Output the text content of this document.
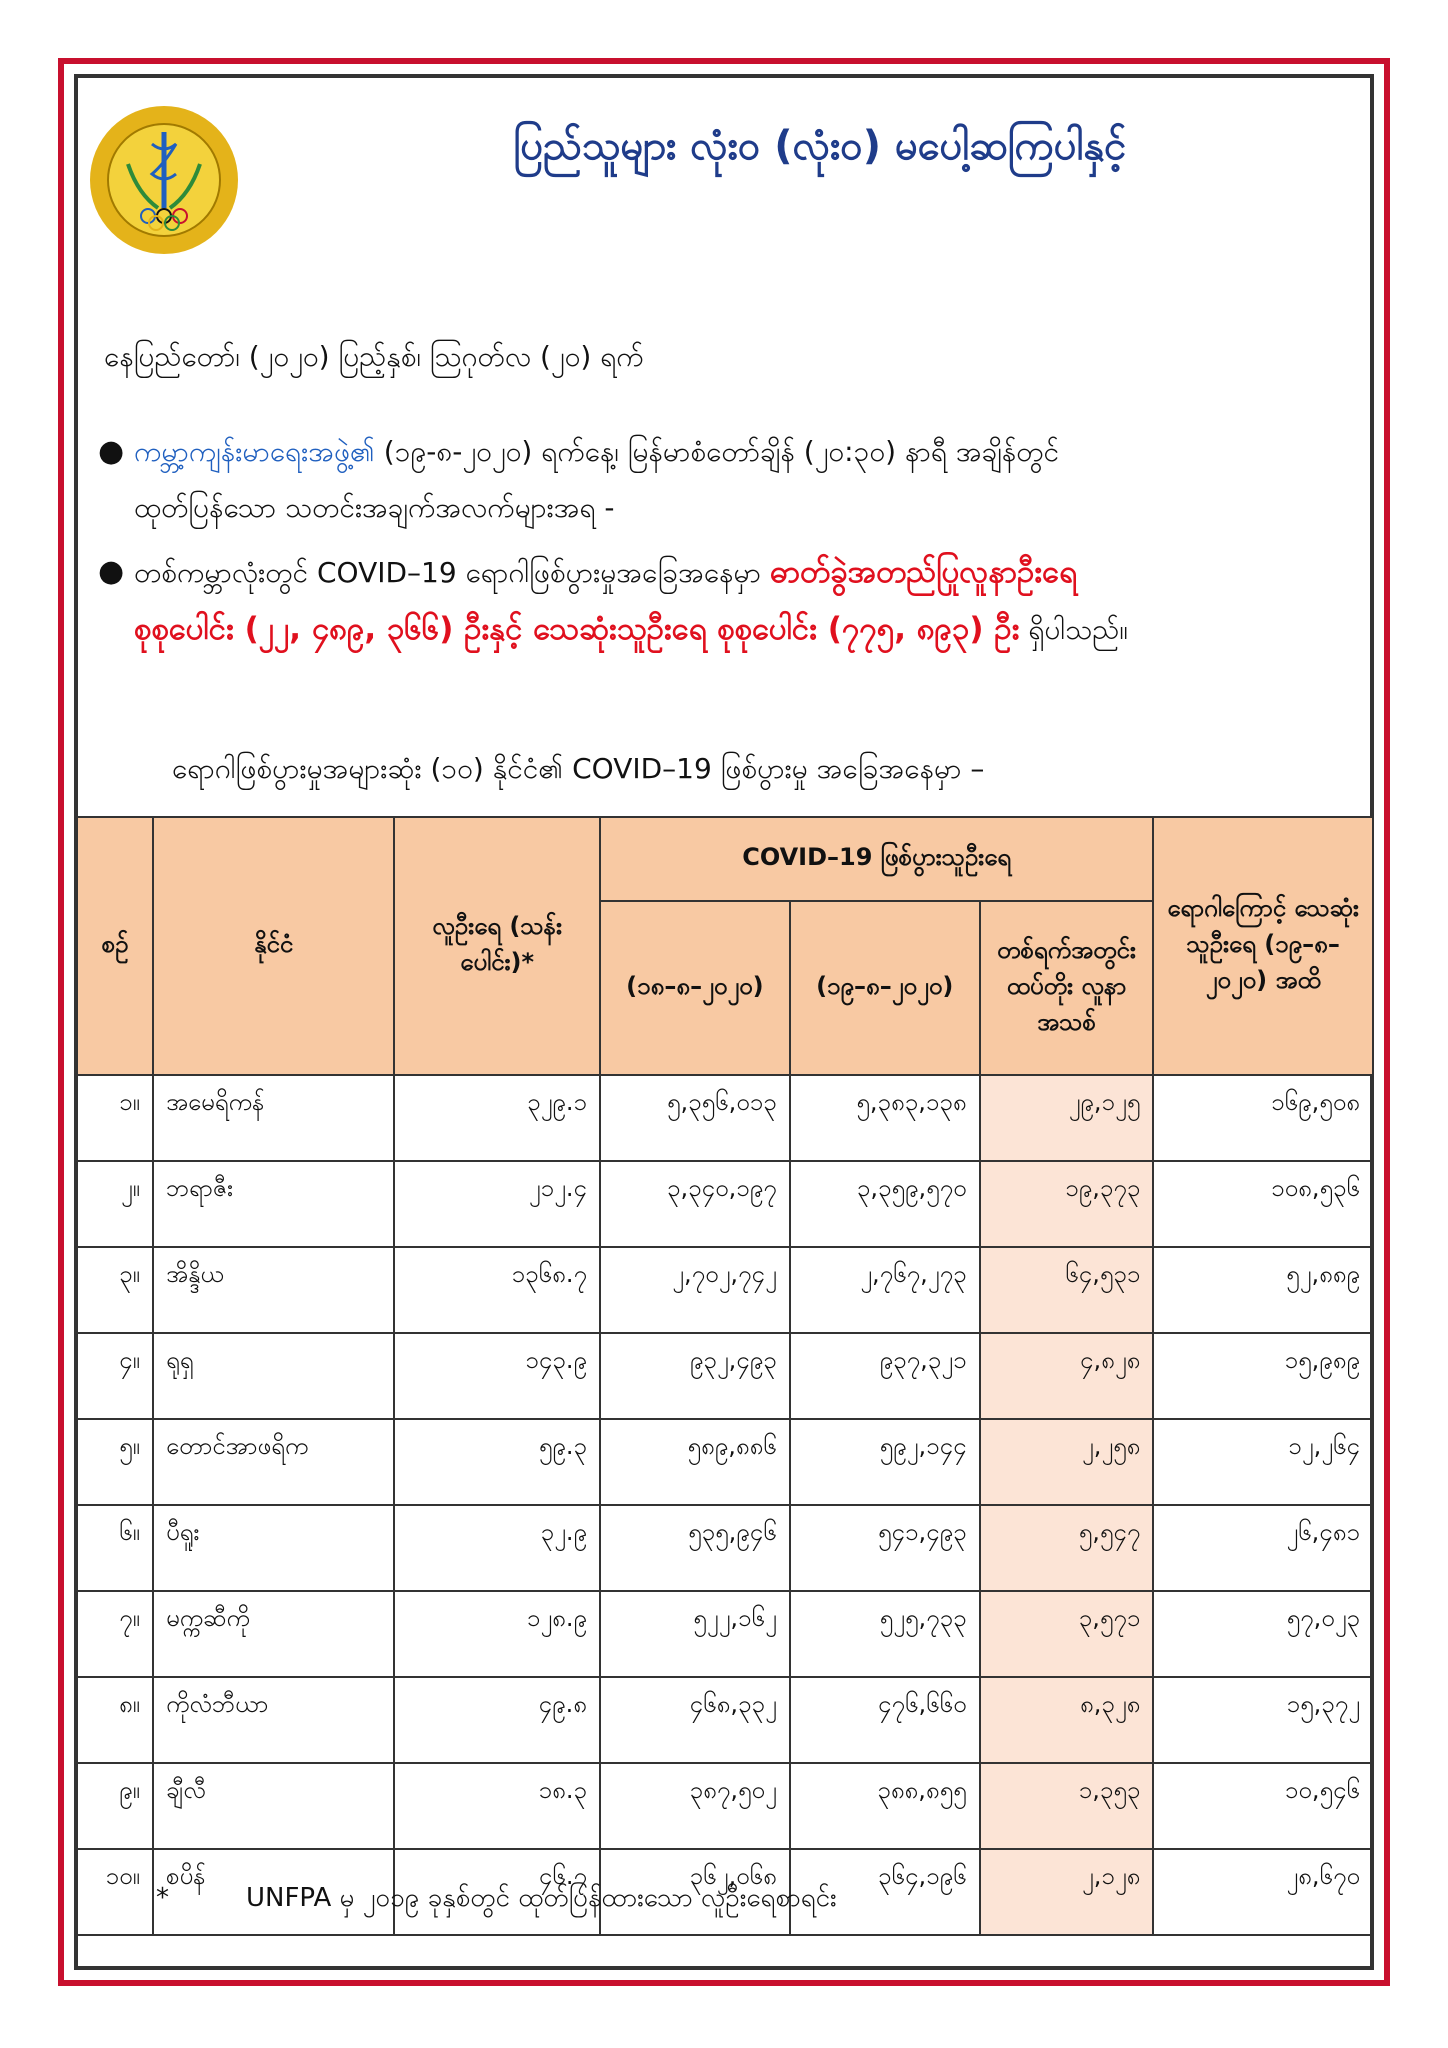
ပြည်သူများ လုံး၀ (လုံး၀) မပေါ့ဆကြပါနှင့်
နေပြည်တော်၊ (၂၀၂၀) ပြည့်နှစ်၊ သြဂုတ်လ (၂၀) ရက်
● ကမ္ဘာ့ကျန်းမာရေးအဖွဲ့၏ (၁၉-၈-၂၀၂၀) ရက်နေ့၊ မြန်မာစံတော်ချိန် (၂၀:၃၀) နာရီ အချိန်တွင်
ထုတ်ပြန်သော သတင်းအချက်အလက်များအရ -
● တစ်ကမ္ဘာလုံးတွင် COVID–19 ရောဂါဖြစ်ပွားမှုအခြေအနေမှာ ဓာတ်ခွဲအတည်ပြုလူနာဦးရေ
စုစုပေါင်း (၂၂, ၄၈၉, ၃၆၆) ဦးနှင့် သေဆုံးသူဦးရေ စုစုပေါင်း (၇၇၅, ၈၉၃) ဦး ရှိပါသည်။
ရောဂါဖြစ်ပွားမှုအများဆုံး (၁၀) နိုင်ငံ၏ COVID–19 ဖြစ်ပွားမှု အခြေအနေမှာ –
စဉ်	နိုင်ငံ	လူဦးရေ (သန်းပေါင်း)*	COVID–19 ဖြစ်ပွားသူဦးရေ			ရောဂါကြောင့် သေဆုံးသူဦးရေ (၁၉–၈– ၂၀၂၀) အထိ
			(၁၈–၈–၂၀၂၀)	(၁၉–၈–၂၀၂၀)	တစ်ရက်အတွင်း ထပ်တိုး လူနာ အသစ်	
၁။	အမေရိကန်	၃၂၉.၁	၅,၃၅၆,၀၁၃	၅,၃၈၃,၁၃၈	၂၉,၁၂၅	၁၆၉,၅၀၈
၂။	ဘရာဇီး	၂၁၂.၄	၃,၃၄၀,၁၉၇	၃,၃၅၉,၅၇၀	၁၉,၃၇၃	၁၀၈,၅၃၆
၃။	အိန္ဒိယ	၁၃၆၈.၇	၂,၇၀၂,၇၄၂	၂,၇၆၇,၂၇၃	၆၄,၅၃၁	၅၂,၈၈၉
၄။	ရုရှ	၁၄၃.၉	၉၃၂,၄၉၃	၉၃၇,၃၂၁	၄,၈၂၈	၁၅,၉၈၉
၅။	တောင်အာဖရိက	၅၉.၃	၅၈၉,၈၈၆	၅၉၂,၁၄၄	၂,၂၅၈	၁၂,၂၆၄
၆။	ပီရူး	၃၂.၉	၅၃၅,၉၄၆	၅၄၁,၄၉၃	၅,၅၄၇	၂၆,၄၈၁
၇။	မက္ကဆီကို	၁၂၈.၉	၅၂၂,၁၆၂	၅၂၅,၇၃၃	၃,၅၇၁	၅၇,၀၂၃
၈။	ကိုလံဘီယာ	၄၉.၈	၄၆၈,၃၃၂	၄၇၆,၆၆၀	၈,၃၂၈	၁၅,၃၇၂
၉။	ချီလီ	၁၈.၃	၃၈၇,၅၀၂	၃၈၈,၈၅၅	၁,၃၅၃	၁၀,၅၄၆
၁၀။	စပိန်	၄၆.၇	၃၆၂,၀၆၈	၃၆၄,၁၉၆	၂,၁၂၈	၂၈,၆၇၀
*	UNFPA မှ ၂၀၁၉ ခုနှစ်တွင် ထုတ်ပြန်ထားသော လူဦးရေစာရင်း
